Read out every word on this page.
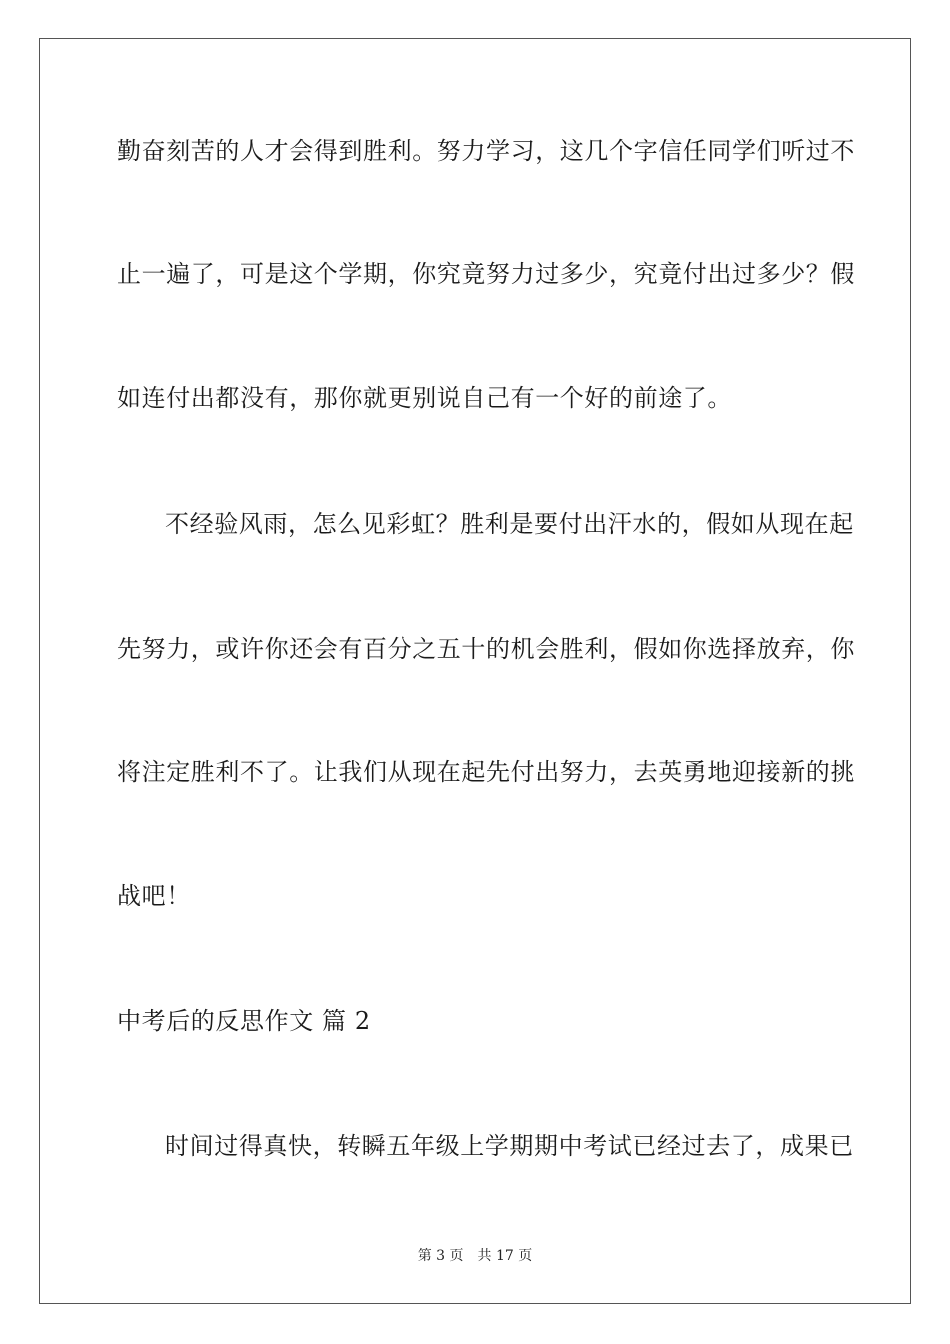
勤奋刻苦的人才会得到胜利。努力学习，这几个字信任同学们听过不
止一遍了，可是这个学期，你究竟努力过多少，究竟付出过多少？假
如连付出都没有，那你就更别说自己有一个好的前途了。
不经验风雨，怎么见彩虹？胜利是要付出汗水的，假如从现在起
先努力，或许你还会有百分之五十的机会胜利，假如你选择放弃，你
将注定胜利不了。让我们从现在起先付出努力，去英勇地迎接新的挑
战吧！
中考后的反思作文 篇 2
时间过得真快，转瞬五年级上学期期中考试已经过去了，成果已
第 3 页 共 17 页
